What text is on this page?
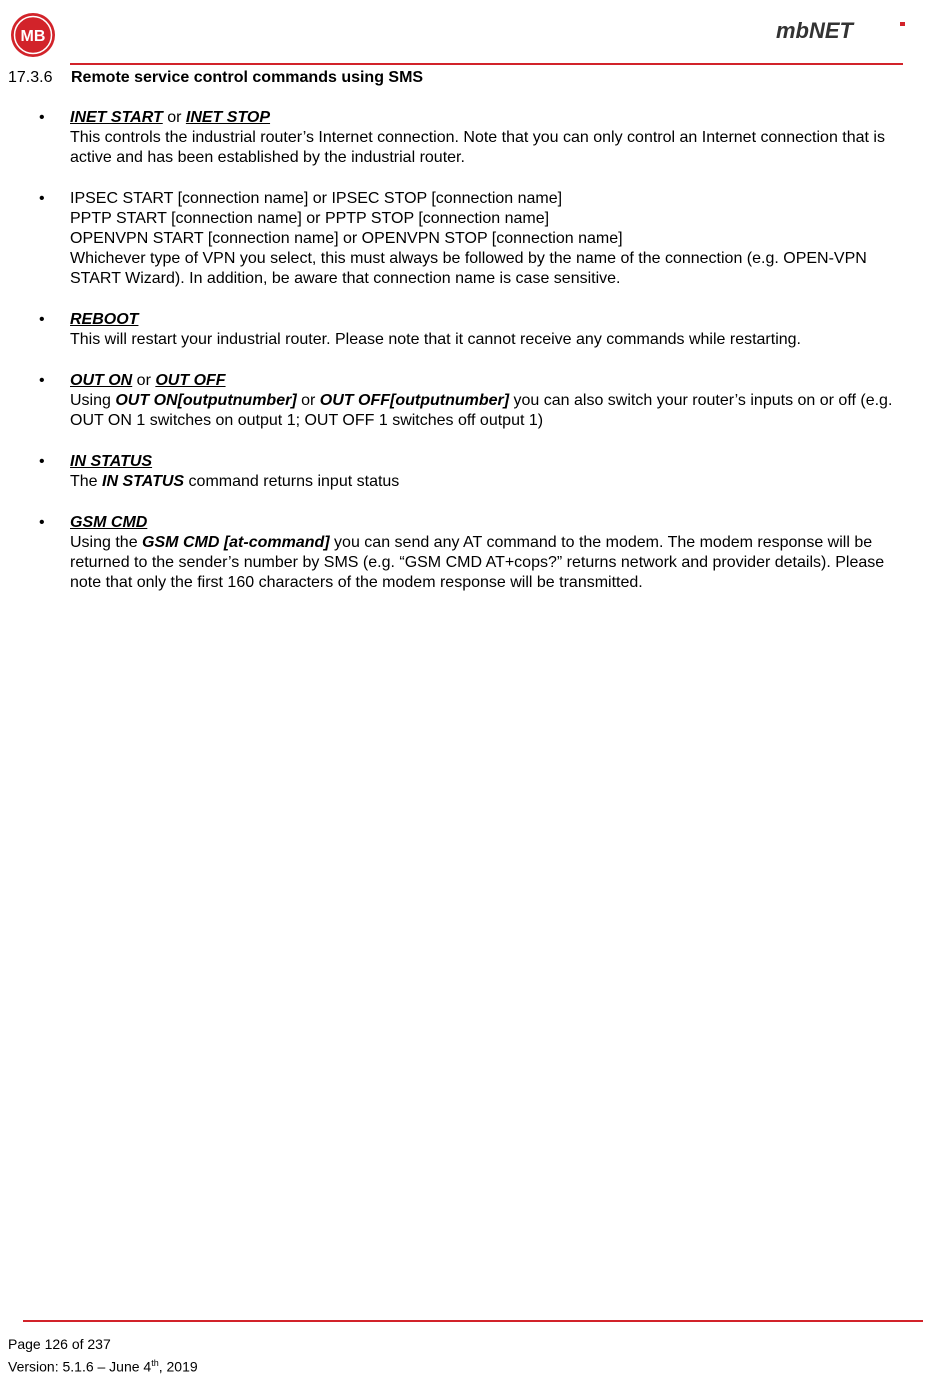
MB	mbNET
17.3.6 Remote service control commands using SMS
• INET START or INET STOP
This controls the industrial router’s Internet connection. Note that you can only control an Internet connection that is active and has been established by the industrial router.
• IPSEC START [connection name] or IPSEC STOP [connection name]
PPTP START [connection name] or PPTP STOP [connection name]
OPENVPN START [connection name] or OPENVPN STOP [connection name]
Whichever type of VPN you select, this must always be followed by the name of the connection (e.g. OPEN-VPN START Wizard). In addition, be aware that connection name is case sensitive.
• REBOOT
This will restart your industrial router. Please note that it cannot receive any commands while restarting.
• OUT ON or OUT OFF
Using OUT ON[outputnumber] or OUT OFF[outputnumber] you can also switch your router’s inputs on or off (e.g. OUT ON 1 switches on output 1; OUT OFF 1 switches off output 1)
• IN STATUS
The IN STATUS command returns input status
• GSM CMD
Using the GSM CMD [at-command] you can send any AT command to the modem. The modem response will be returned to the sender’s number by SMS (e.g. “GSM CMD AT+cops?” returns network and provider details). Please note that only the first 160 characters of the modem response will be transmitted.
Page 126 of 237
Version: 5.1.6 – June 4th, 2019
